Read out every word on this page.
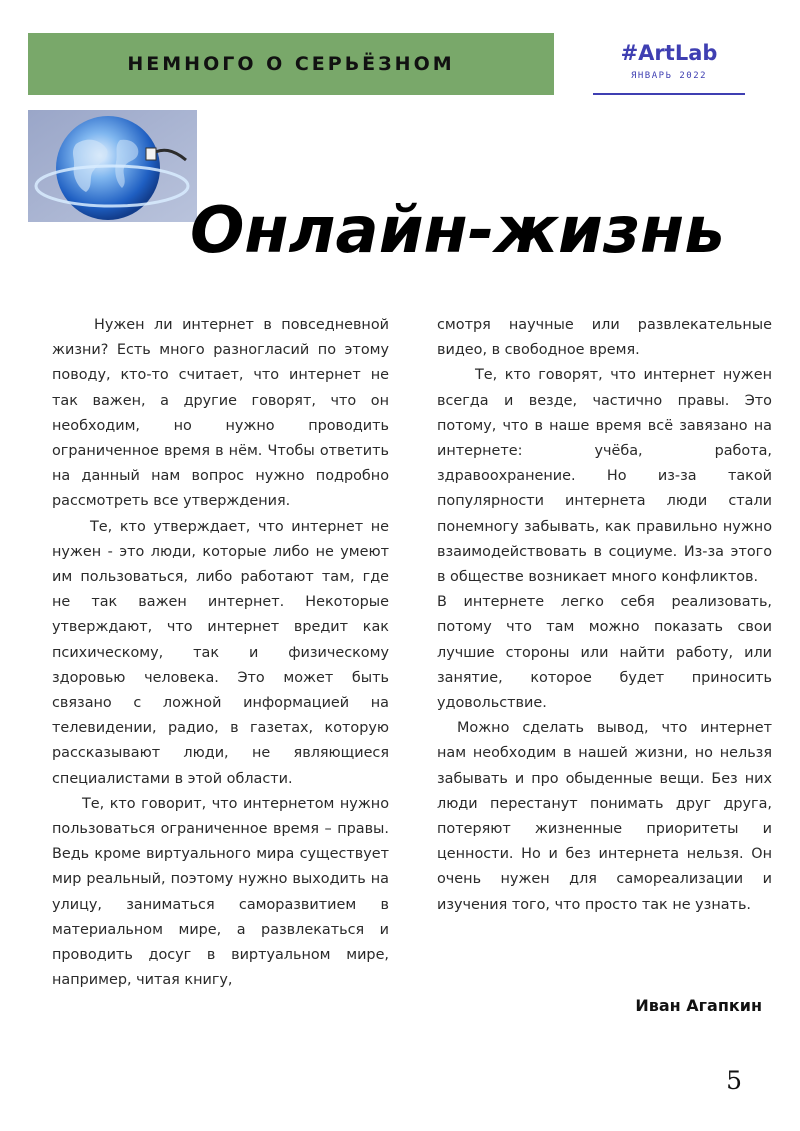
НЕМНОГО О СЕРЬЁЗНОМ	#ArtLab
ЯНВАРЬ 2022
Онлайн-жизнь

Нужен ли интернет в повседневной жизни? Есть много разногласий по этому поводу, кто-то считает, что интернет не так важен, а другие говорят, что он необходим, но нужно проводить ограниченное время в нём. Чтобы ответить на данный нам вопрос нужно подробно рассмотреть все утверждения.

Те, кто утверждает, что интернет не нужен - это люди, которые либо не умеют им пользоваться, либо работают там, где не так важен интернет. Некоторые утверждают, что интернет вредит как психическому, так и физическому здоровью человека. Это может быть связано с ложной информацией на телевидении, радио, в газетах, которую рассказывают люди, не являющиеся специалистами в этой области.

Те, кто говорит, что интернетом нужно пользоваться ограниченное время – правы. Ведь кроме виртуального мира существует мир реальный, поэтому нужно выходить на улицу, заниматься саморазвитием в материальном мире, а развлекаться и проводить досуг в виртуальном мире, например, читая книгу,

смотря научные или развлекательные видео, в свободное время.

Те, кто говорят, что интернет нужен всегда и везде, частично правы. Это потому, что в наше время всё завязано на интернете: учёба, работа, здравоохранение. Но из-за такой популярности интернета люди стали понемногу забывать, как правильно нужно взаимодействовать в социуме. Из-за этого в обществе возникает много конфликтов.

В интернете легко себя реализовать, потому что там можно показать свои лучшие стороны или найти работу, или занятие, которое будет приносить удовольствие.

Можно сделать вывод, что интернет нам необходим в нашей жизни, но нельзя забывать и про обыденные вещи. Без них люди перестанут понимать друг друга, потеряют жизненные приоритеты и ценности. Но и без интернета нельзя. Он очень нужен для самореализации и изучения того, что просто так не узнать.

Иван Агапкин
5
